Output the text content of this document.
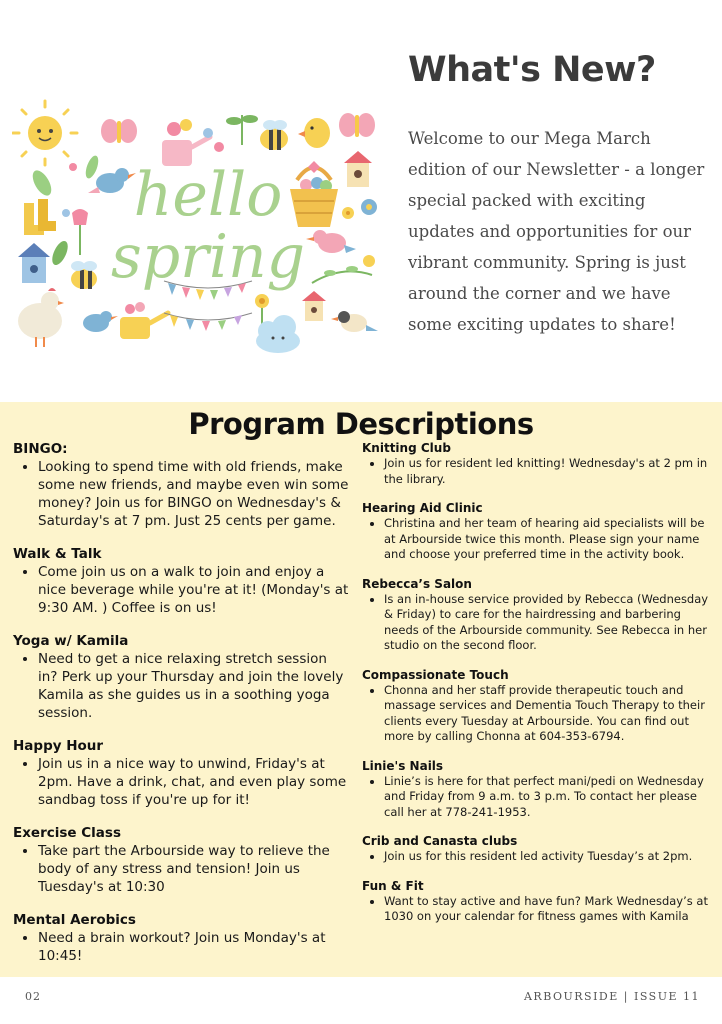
hello
spring
What's New?

Welcome to our Mega March edition of our Newsletter - a longer special packed with exciting updates and opportunities for our vibrant community. Spring is just around the corner and we have some exciting updates to share!

Program Descriptions
BINGO:
• Looking to spend time with old friends, make some new friends, and maybe even win some money? Join us for BINGO on Wednesday's & Saturday's at 7 pm. Just 25 cents per game.
Walk & Talk
• Come join us on a walk to join and enjoy a nice beverage while you're at it! (Monday's at 9:30 AM. ) Coffee is on us!
Yoga w/ Kamila
• Need to get a nice relaxing stretch session in? Perk up your Thursday and join the lovely Kamila as she guides us in a soothing yoga session.
Happy Hour
• Join us in a nice way to unwind, Friday's at 2pm. Have a drink, chat, and even play some sandbag toss if you're up for it!
Exercise Class
• Take part the Arbourside way to relieve the body of any stress and tension! Join us Tuesday's at 10:30
Mental Aerobics
• Need a brain workout? Join us Monday's at 10:45!
Knitting Club
• Join us for resident led knitting! Wednesday's at 2 pm in the library.
Hearing Aid Clinic
• Christina and her team of hearing aid specialists will be at Arbourside twice this month. Please sign your name and choose your preferred time in the activity book.
Rebecca’s Salon
• Is an in-house service provided by Rebecca (Wednesday & Friday) to care for the hairdressing and barbering needs of the Arbourside community. See Rebecca in her studio on the second floor.
Compassionate Touch
• Chonna and her staff provide therapeutic touch and massage services and Dementia Touch Therapy to their clients every Tuesday at Arbourside. You can find out more by calling Chonna at 604-353-6794.
Linie's Nails
• Linie’s is here for that perfect mani/pedi on Wednesday and Friday from 9 a.m. to 3 p.m. To contact her please call her at 778-241-1953.
Crib and Canasta clubs
• Join us for this resident led activity Tuesday’s at 2pm.
Fun & Fit
• Want to stay active and have fun? Mark Wednesday’s at 1030 on your calendar for fitness games with Kamila
02	ARBOURSIDE | ISSUE 11
